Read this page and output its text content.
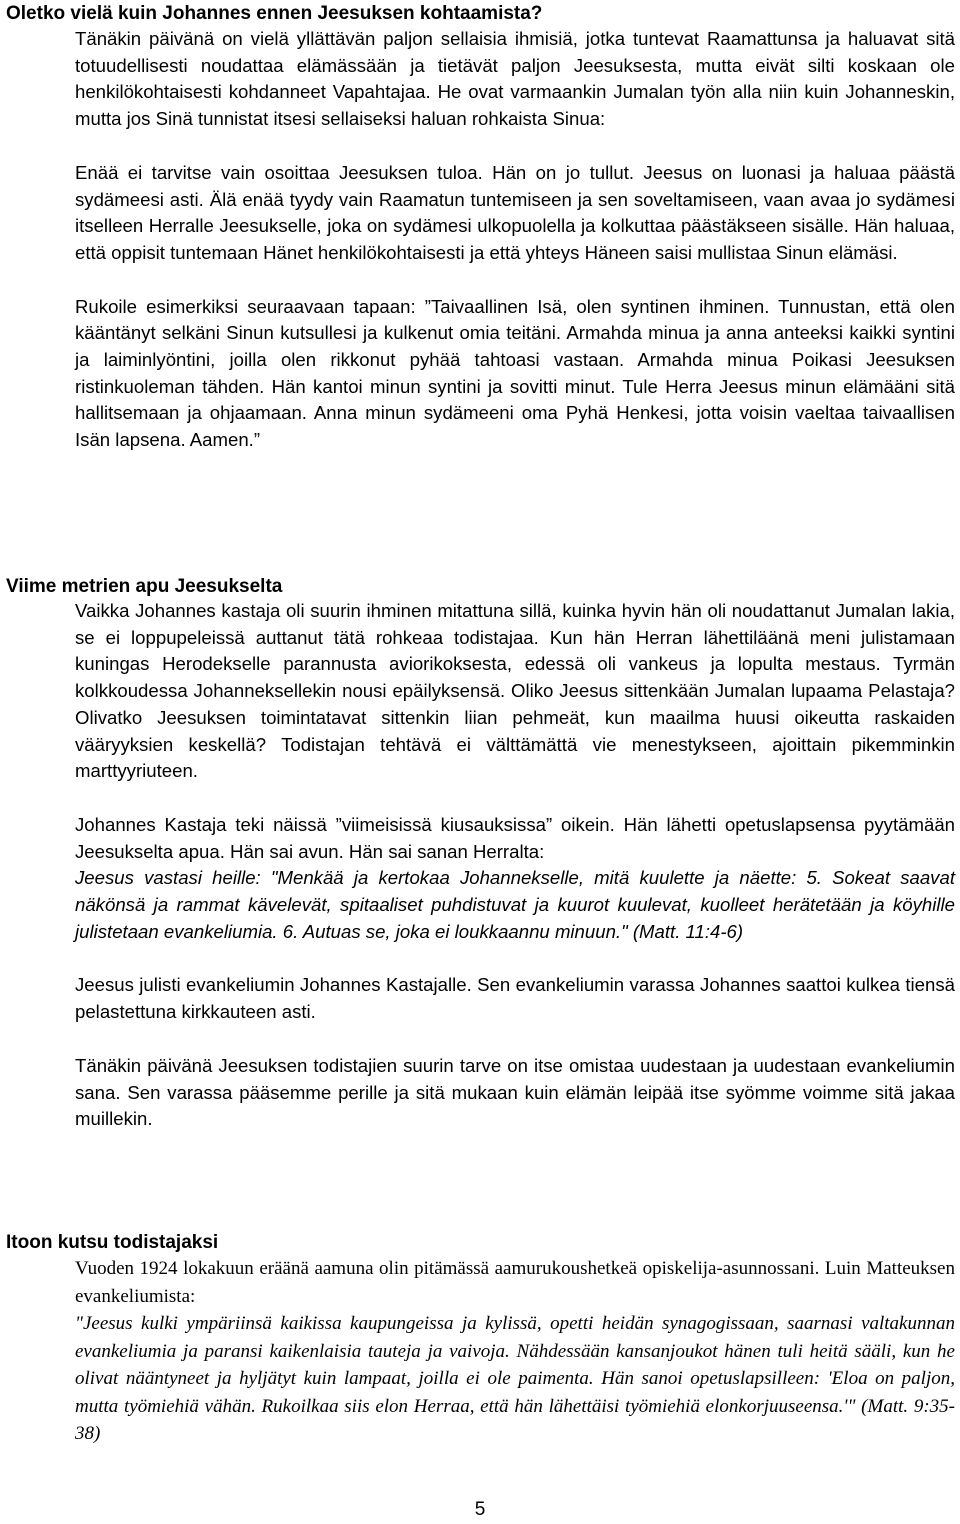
Oletko vielä kuin Johannes ennen Jeesuksen kohtaamista?

Tänäkin päivänä on vielä yllättävän paljon sellaisia ihmisiä, jotka tuntevat Raamattunsa ja haluavat sitä totuudellisesti noudattaa elämässään ja tietävät paljon Jeesuksesta, mutta eivät silti koskaan ole henkilökohtaisesti kohdanneet Vapahtajaa. He ovat varmaankin Jumalan työn alla niin kuin Johanneskin, mutta jos Sinä tunnistat itsesi sellaiseksi haluan rohkaista Sinua:

Enää ei tarvitse vain osoittaa Jeesuksen tuloa. Hän on jo tullut. Jeesus on luonasi ja haluaa päästä sydämeesi asti. Älä enää tyydy vain Raamatun tuntemiseen ja sen soveltamiseen, vaan avaa jo sydämesi itselleen Herralle Jeesukselle, joka on sydämesi ulkopuolella ja kolkuttaa päästäkseen sisälle. Hän haluaa, että oppisit tuntemaan Hänet henkilökohtaisesti ja että yhteys Häneen saisi mullistaa Sinun elämäsi.

Rukoile esimerkiksi seuraavaan tapaan: ”Taivaallinen Isä, olen syntinen ihminen. Tunnustan, että olen kääntänyt selkäni Sinun kutsullesi ja kulkenut omia teitäni. Armahda minua ja anna anteeksi kaikki syntini ja laiminlyöntini, joilla olen rikkonut pyhää tahtoasi vastaan. Armahda minua Poikasi Jeesuksen ristinkuoleman tähden. Hän kantoi minun syntini ja sovitti minut. Tule Herra Jeesus minun elämääni sitä hallitsemaan ja ohjaamaan. Anna minun sydämeeni oma Pyhä Henkesi, jotta voisin vaeltaa taivaallisen Isän lapsena. Aamen.”

Viime metrien apu Jeesukselta

Vaikka Johannes kastaja oli suurin ihminen mitattuna sillä, kuinka hyvin hän oli noudattanut Jumalan lakia, se ei loppupeleissä auttanut tätä rohkeaa todistajaa. Kun hän Herran lähettiläänä meni julistamaan kuningas Herodekselle parannusta aviorikoksesta, edessä oli vankeus ja lopulta mestaus. Tyrmän kolkkoudessa Johanneksellekin nousi epäilyksensä. Oliko Jeesus sittenkään Jumalan lupaama Pelastaja? Olivatko Jeesuksen toimintatavat sittenkin liian pehmeät, kun maailma huusi oikeutta raskaiden vääryyksien keskellä? Todistajan tehtävä ei välttämättä vie menestykseen, ajoittain pikemminkin marttyyriuteen.

Johannes Kastaja teki näissä ”viimeisissä kiusauksissa” oikein. Hän lähetti opetuslapsensa pyytämään Jeesukselta apua. Hän sai avun. Hän sai sanan Herralta:

Jeesus vastasi heille: "Menkää ja kertokaa Johannekselle, mitä kuulette ja näette: 5. Sokeat saavat näkönsä ja rammat kävelevät, spitaaliset puhdistuvat ja kuurot kuulevat, kuolleet herätetään ja köyhille julistetaan evankeliumia. 6. Autuas se, joka ei loukkaannu minuun." (Matt. 11:4-6)

Jeesus julisti evankeliumin Johannes Kastajalle. Sen evankeliumin varassa Johannes saattoi kulkea tiensä pelastettuna kirkkauteen asti.

Tänäkin päivänä Jeesuksen todistajien suurin tarve on itse omistaa uudestaan ja uudestaan evankeliumin sana. Sen varassa pääsemme perille ja sitä mukaan kuin elämän leipää itse syömme voimme sitä jakaa muillekin.

Itoon kutsu todistajaksi

Vuoden 1924 lokakuun eräänä aamuna olin pitämässä aamurukoushetkeä opiskelija-asunnossani. Luin Matteuksen evankeliumista:

"Jeesus kulki ympäriinsä kaikissa kaupungeissa ja kylissä, opetti heidän synagogissaan, saarnasi valtakunnan evankeliumia ja paransi kaikenlaisia tauteja ja vaivoja. Nähdessään kansanjoukot hänen tuli heitä sääli, kun he olivat nääntyneet ja hyljätyt kuin lampaat, joilla ei ole paimenta. Hän sanoi opetuslapsilleen: 'Eloa on paljon, mutta työmiehiä vähän. Rukoilkaa siis elon Herraa, että hän lähettäisi työmiehiä elonkorjuuseensa.'" (Matt. 9:35-38)

5
